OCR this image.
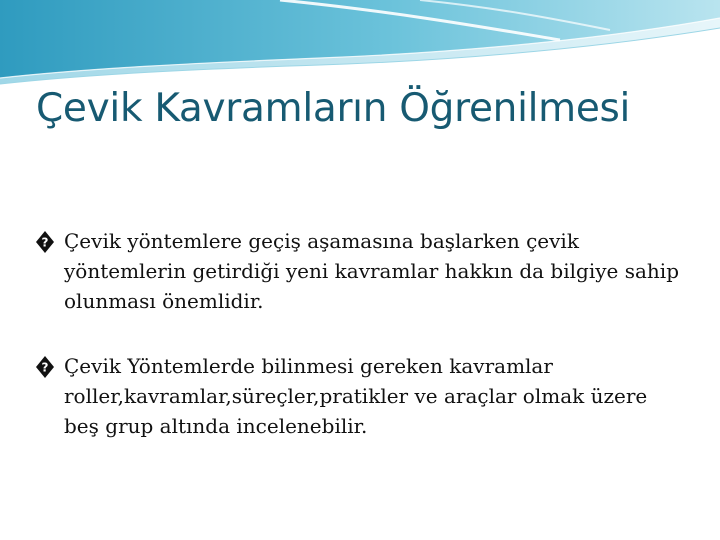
Çevik Kavramların Öğrenilmesi

? Çevik yöntemlere geçiş aşamasına başlarken çevik yöntemlerin getirdiği yeni kavramlar hakkın da bilgiye sahip olunması önemlidir.

? Çevik Yöntemlerde bilinmesi gereken kavramlar roller,kavramlar,süreçler,pratikler ve araçlar olmak üzere beş grup altında incelenebilir.
